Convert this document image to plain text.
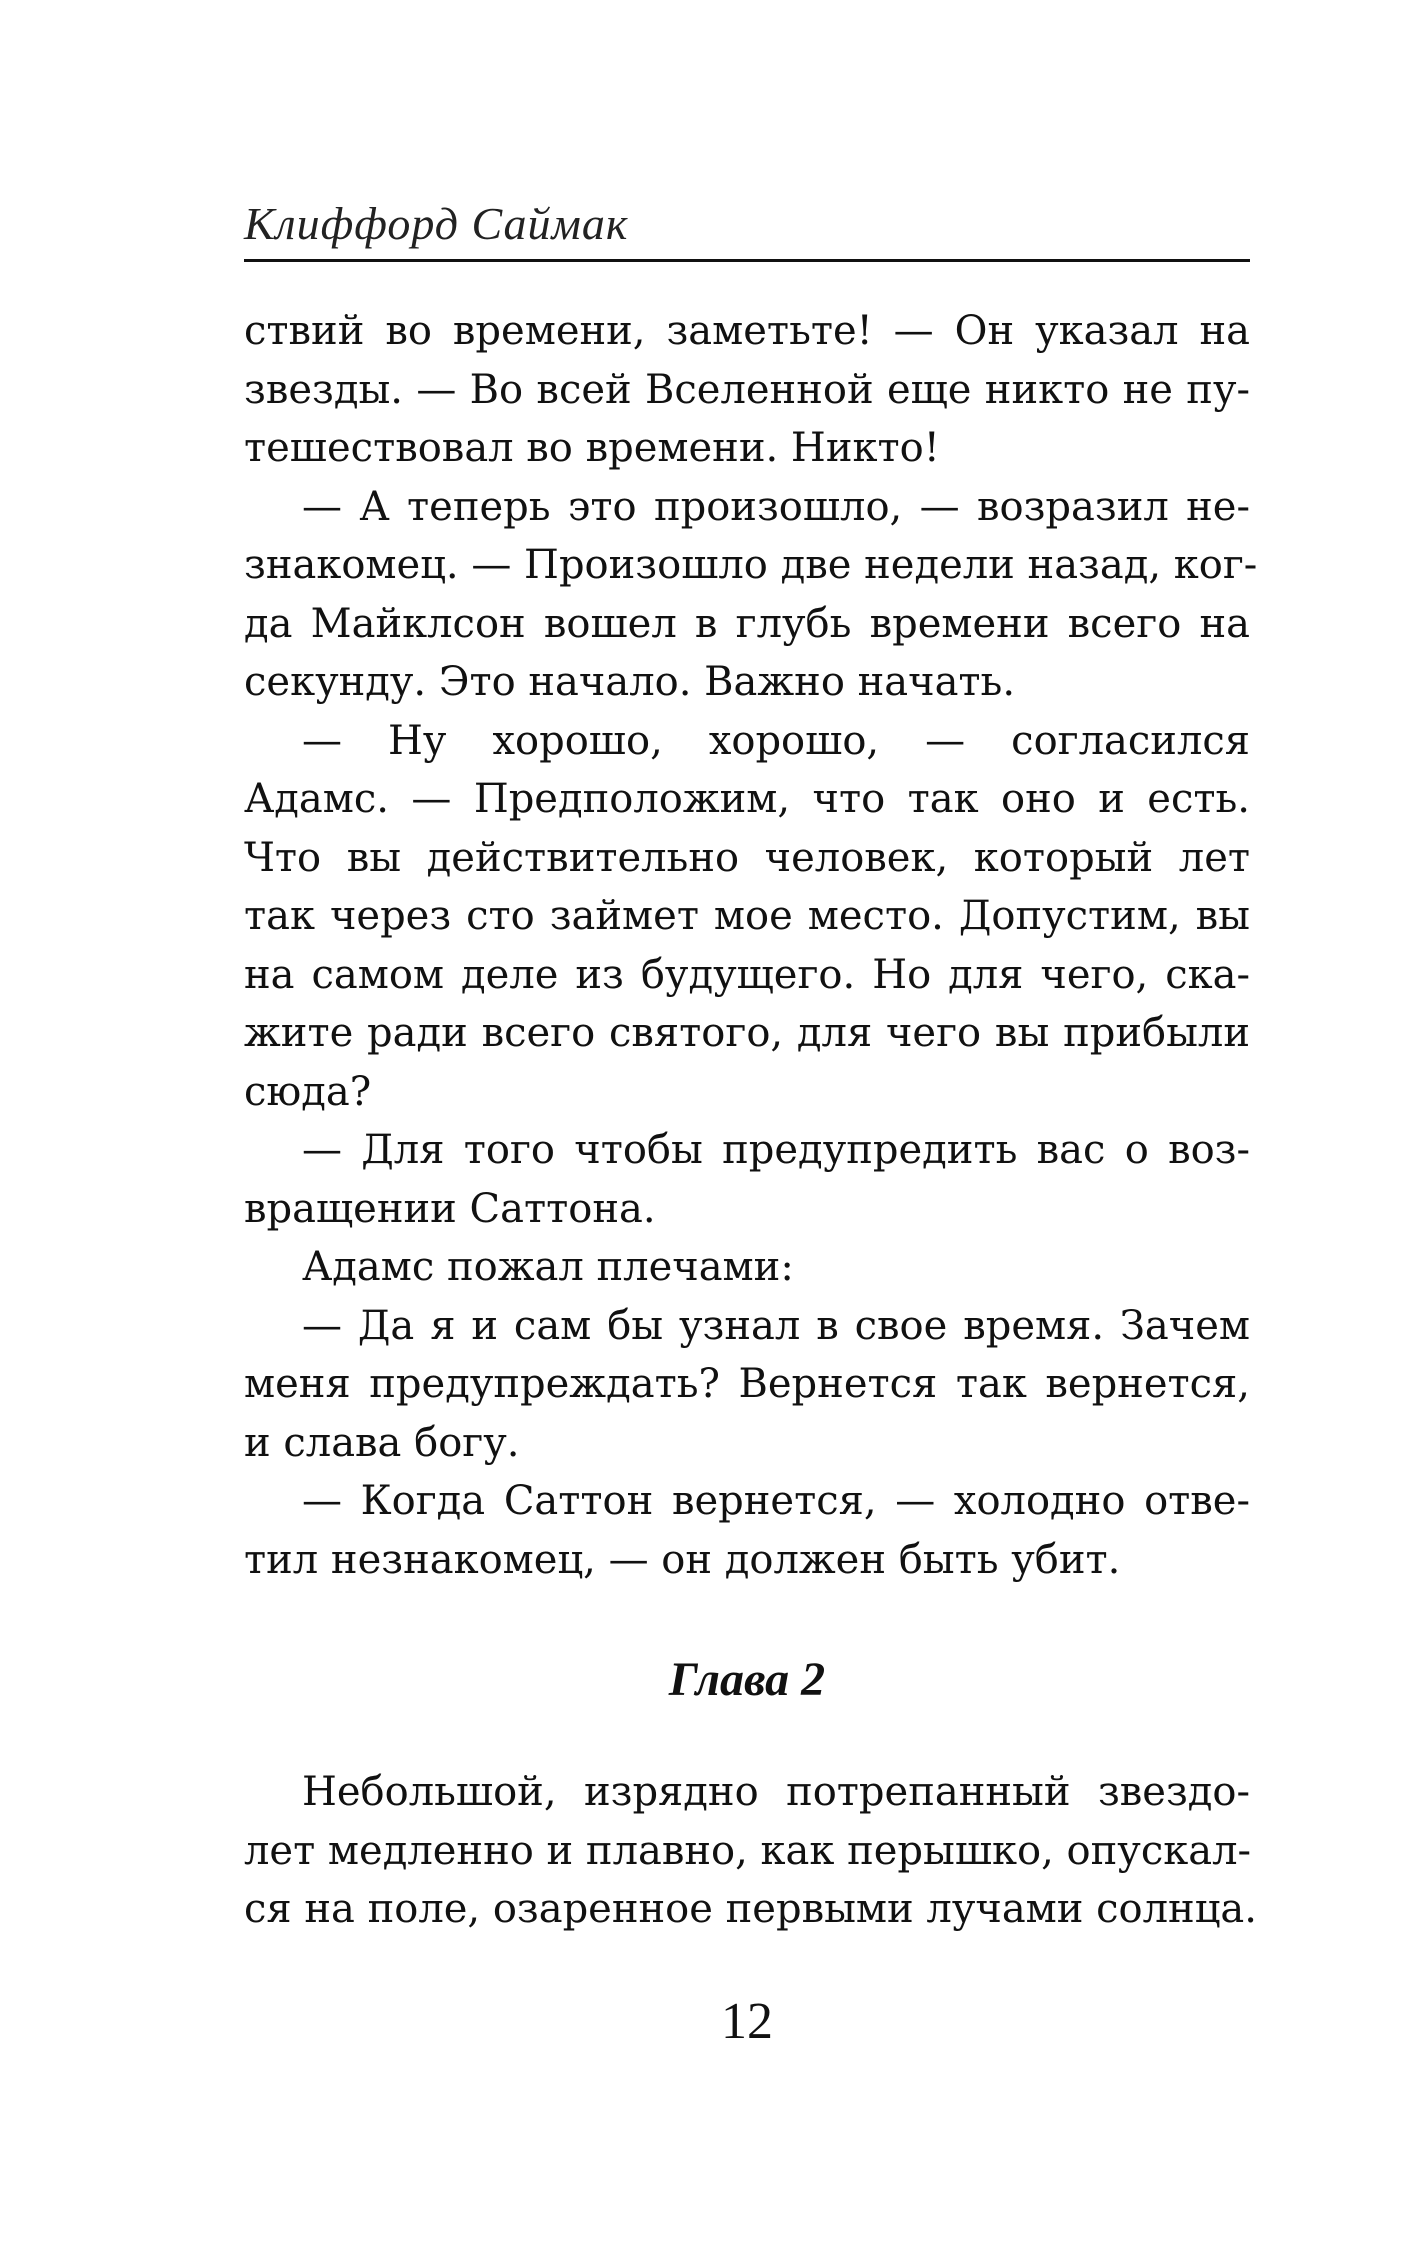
Клиффорд Саймак

ствий во времени, заметьте! — Он указал на
звезды. — Во всей Вселенной еще никто не пу-
тешествовал во времени. Никто!
— А теперь это произошло, — возразил не-
знакомец. — Произошло две недели назад, ког-
да Майклсон вошел в глубь времени всего на
секунду. Это начало. Важно начать.
— Ну хорошо, хорошо, — согласился
Адамс. — Предположим, что так оно и есть.
Что вы действительно человек, который лет
так через сто займет мое место. Допустим, вы
на самом деле из будущего. Но для чего, ска-
жите ради всего святого, для чего вы прибыли
сюда?
— Для того чтобы предупредить вас о воз-
вращении Саттона.
Адамс пожал плечами:
— Да я и сам бы узнал в свое время. Зачем
меня предупреждать? Вернется так вернется,
и слава богу.
— Когда Саттон вернется, — холодно отве-
тил незнакомец, — он должен быть убит.

Глава 2

Небольшой, изрядно потрепанный звездо-
лет медленно и плавно, как перышко, опускал-
ся на поле, озаренное первыми лучами солнца.

12
